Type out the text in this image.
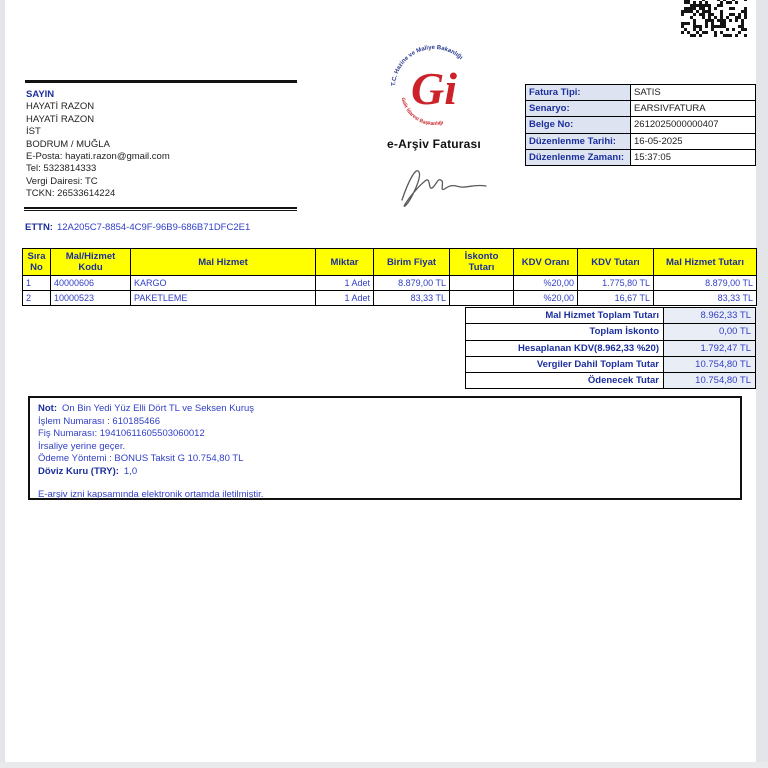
T.C. Hazine ve Maliye Bakanlığı
Gelir İdaresi Başkanlığı
Gi
e-Arşiv Faturası
SAYIN
HAYATİ RAZON
HAYATİ RAZON
İST
BODRUM / MUĞLA
E-Posta: hayati.razon@gmail.com
Tel: 5323814333
Vergi Dairesi: TC
TCKN: 26533614224
Fatura Tipi:	SATIS
Senaryo:	EARSIVFATURA
Belge No:	2612025000000407
Düzenlenme Tarihi:	16-05-2025
Düzenlenme Zamanı:	15:37:05
ETTN: 12A205C7-8854-4C9F-96B9-686B71DFC2E1
Sıra No	Mal/Hizmet Kodu	Mal Hizmet	Miktar	Birim Fiyat	İskonto Tutarı	KDV Oranı	KDV Tutarı	Mal Hizmet Tutarı
1	40000606	KARGO	1 Adet	8.879,00 TL		%20,00	1.775,80 TL	8.879,00 TL
2	10000523	PAKETLEME	1 Adet	83,33 TL		%20,00	16,67 TL	83,33 TL
Mal Hizmet Toplam Tutarı	8.962,33 TL
Toplam İskonto	0,00 TL
Hesaplanan KDV(8.962,33 %20)	1.792,47 TL
Vergiler Dahil Toplam Tutar	10.754,80 TL
Ödenecek Tutar	10.754,80 TL
Not: On Bin Yedi Yüz Elli Dört TL ve Seksen Kuruş
İşlem Numarası : 610185466
Fiş Numarası: 19410611605503060012
İrsaliye yerine geçer.
Ödeme Yöntemi : BONUS Taksit G 10.754,80 TL
Döviz Kuru (TRY): 1,0
E-arşiv izni kapsamında elektronik ortamda iletilmiştir.
